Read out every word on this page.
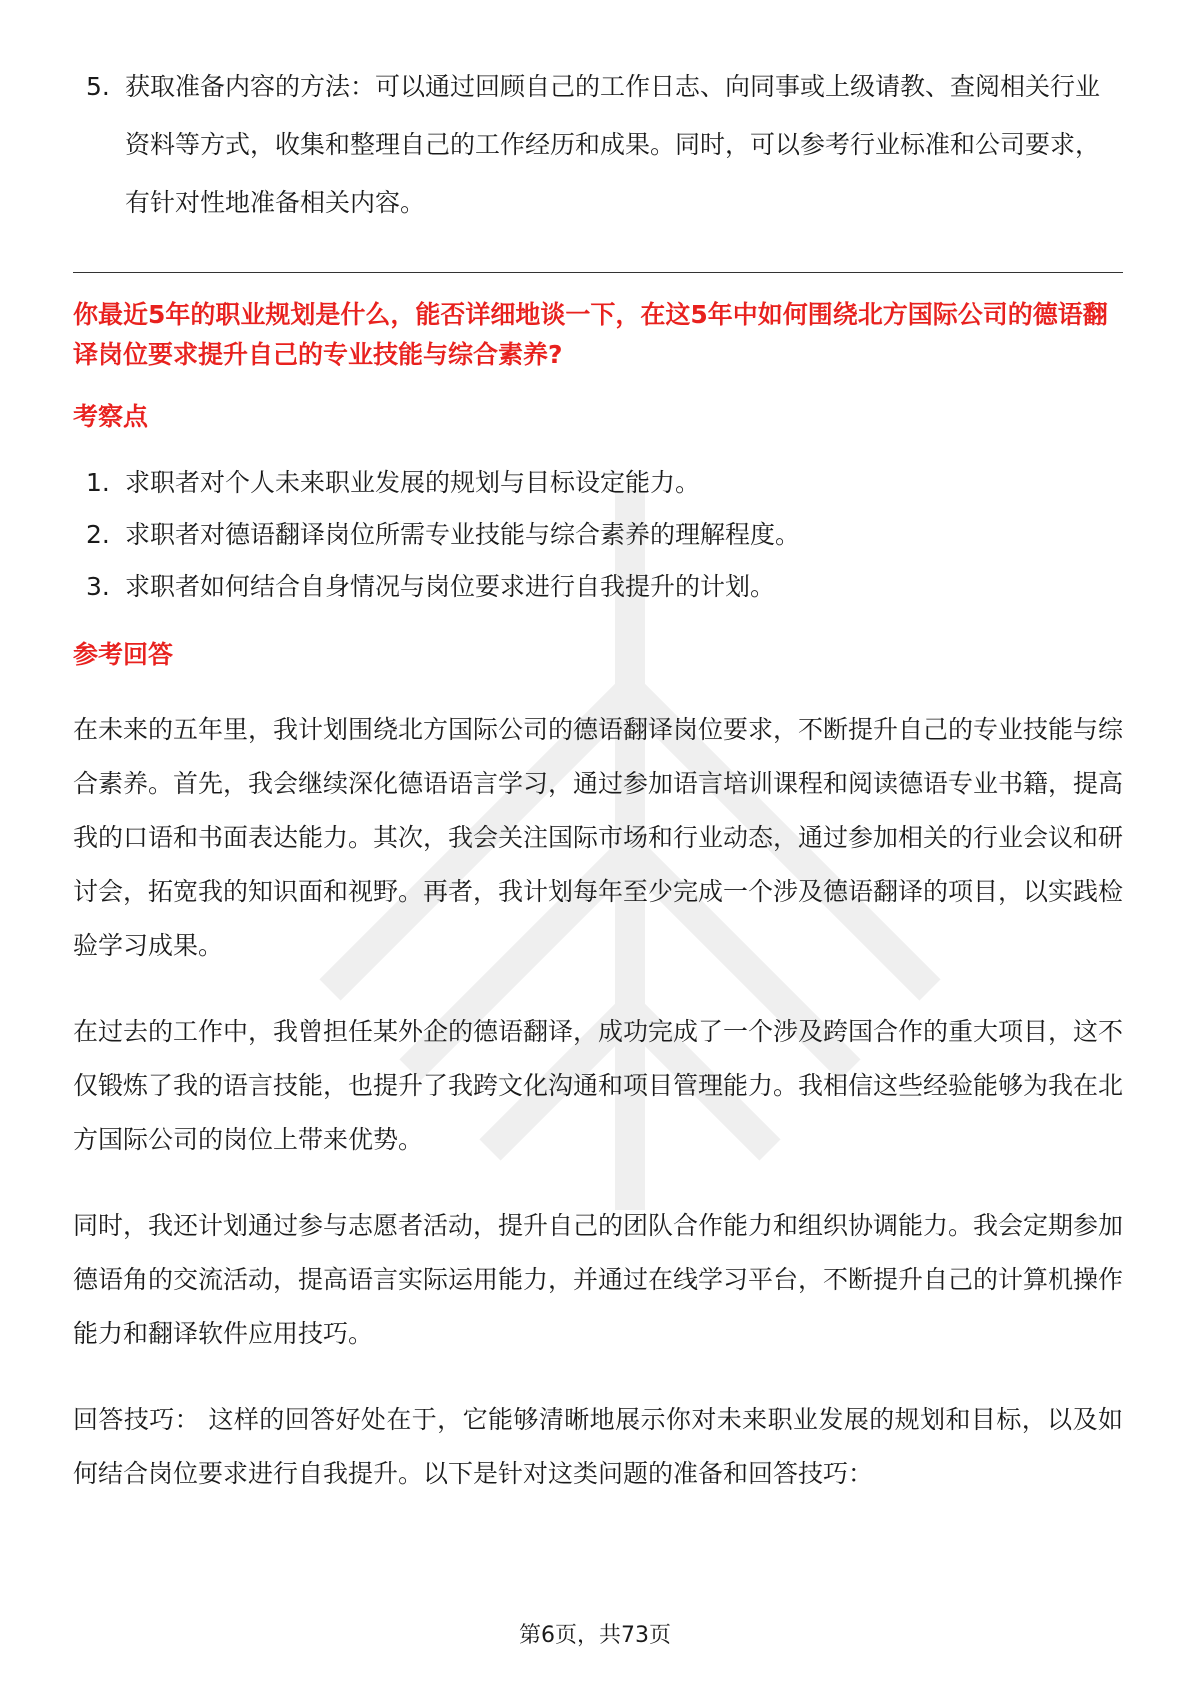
5. 获取准备内容的方法：可以通过回顾自己的工作日志、向同事或上级请教、查阅相关行业资料等方式，收集和整理自己的工作经历和成果。同时，可以参考行业标准和公司要求，有针对性地准备相关内容。
你最近5年的职业规划是什么，能否详细地谈一下，在这5年中如何围绕北方国际公司的德语翻译岗位要求提升自己的专业技能与综合素养?
考察点
1. 求职者对个人未来职业发展的规划与目标设定能力。
2. 求职者对德语翻译岗位所需专业技能与综合素养的理解程度。
3. 求职者如何结合自身情况与岗位要求进行自我提升的计划。
参考回答

在未来的五年里，我计划围绕北方国际公司的德语翻译岗位要求，不断提升自己的专业技能与综合素养。首先，我会继续深化德语语言学习，通过参加语言培训课程和阅读德语专业书籍，提高我的口语和书面表达能力。其次，我会关注国际市场和行业动态，通过参加相关的行业会议和研讨会，拓宽我的知识面和视野。再者，我计划每年至少完成一个涉及德语翻译的项目，以实践检验学习成果。

在过去的工作中，我曾担任某外企的德语翻译，成功完成了一个涉及跨国合作的重大项目，这不仅锻炼了我的语言技能，也提升了我跨文化沟通和项目管理能力。我相信这些经验能够为我在北方国际公司的岗位上带来优势。

同时，我还计划通过参与志愿者活动，提升自己的团队合作能力和组织协调能力。我会定期参加德语角的交流活动，提高语言实际运用能力，并通过在线学习平台，不断提升自己的计算机操作能力和翻译软件应用技巧。

回答技巧： 这样的回答好处在于，它能够清晰地展示你对未来职业发展的规划和目标，以及如何结合岗位要求进行自我提升。以下是针对这类问题的准备和回答技巧：

第6页，共73页
